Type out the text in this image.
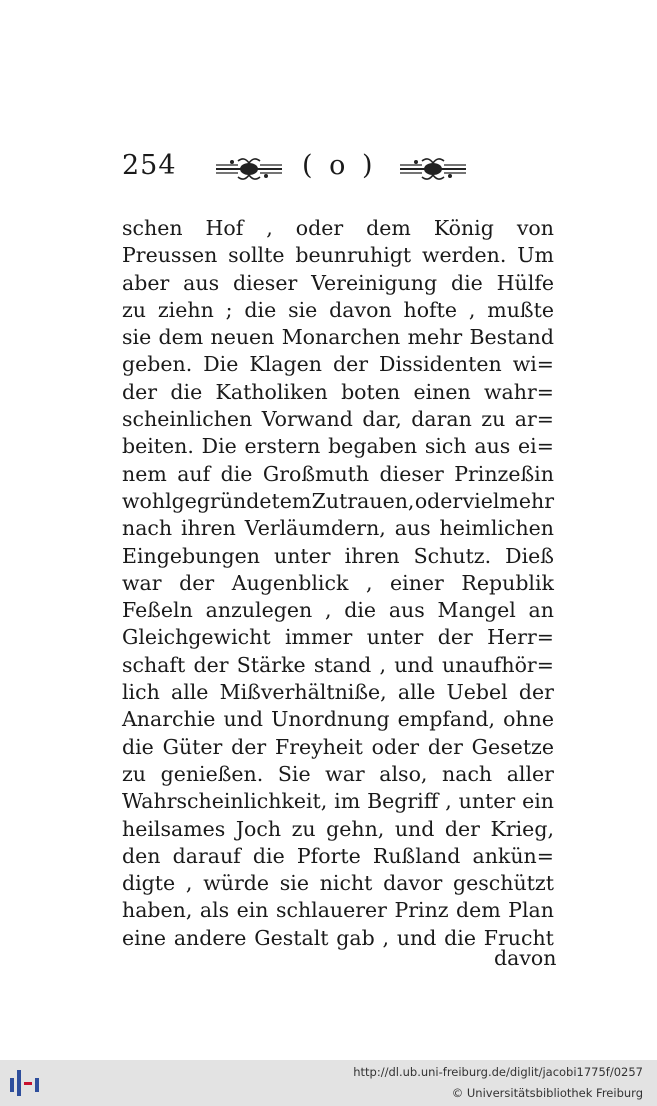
254	( o )
schen Hof , oder dem König von
Preussen sollte beunruhigt werden. Um
aber aus dieser Vereinigung die Hülfe
zu ziehn ; die sie davon hofte , mußte
sie dem neuen Monarchen mehr Bestand
geben. Die Klagen der Dissidenten wi=
der die Katholiken boten einen wahr=
scheinlichen Vorwand dar, daran zu ar=
beiten. Die erstern begaben sich aus ei=
nem auf die Großmuth dieser Prinzeßin
wohlgegründetem Zutrauen, oder vielmehr
nach ihren Verläumdern, aus heimlichen
Eingebungen unter ihren Schutz. Dieß
war der Augenblick , einer Republik
Feßeln anzulegen , die aus Mangel an
Gleichgewicht immer unter der Herr=
schaft der Stärke stand , und unaufhör=
lich alle Mißverhältniße, alle Uebel der
Anarchie und Unordnung empfand, ohne
die Güter der Freyheit oder der Gesetze
zu genießen. Sie war also, nach aller
Wahrscheinlichkeit, im Begriff , unter ein
heilsames Joch zu gehn, und der Krieg,
den darauf die Pforte Rußland ankün=
digte , würde sie nicht davor geschützt
haben, als ein schlauerer Prinz dem Plan
eine andere Gestalt gab , und die Frucht
davon
http://dl.ub.uni-freiburg.de/diglit/jacobi1775f/0257
© Universitätsbibliothek Freiburg
